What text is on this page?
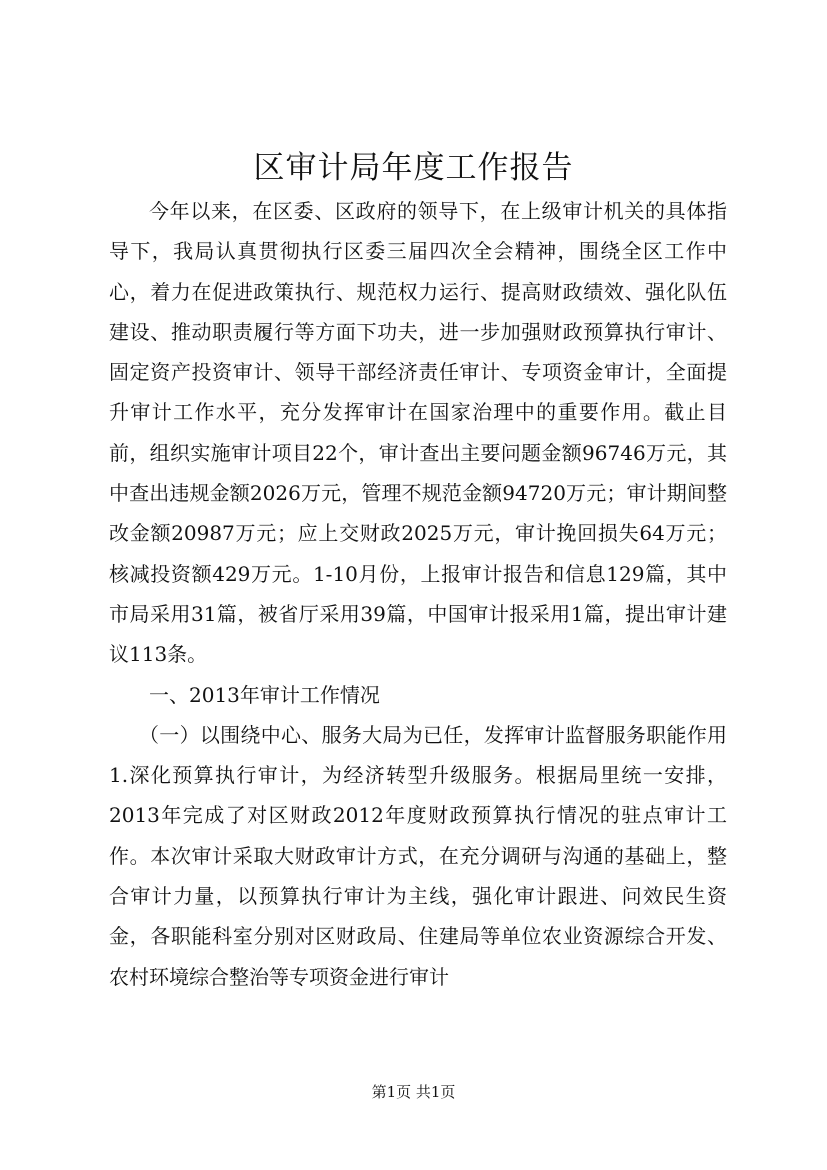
区审计局年度工作报告

今年以来，在区委、区政府的领导下，在上级审计机关的具体指导下，我局认真贯彻执行区委三届四次全会精神，围绕全区工作中心，着力在促进政策执行、规范权力运行、提高财政绩效、强化队伍建设、推动职责履行等方面下功夫，进一步加强财政预算执行审计、固定资产投资审计、领导干部经济责任审计、专项资金审计，全面提升审计工作水平，充分发挥审计在国家治理中的重要作用。截止目前，组织实施审计项目22个，审计查出主要问题金额96746万元，其中查出违规金额2026万元，管理不规范金额94720万元；审计期间整改金额20987万元；应上交财政2025万元，审计挽回损失64万元；核减投资额429万元。1-10月份，上报审计报告和信息129篇，其中市局采用31篇，被省厅采用39篇，中国审计报采用1篇，提出审计建议113条。

一、2013年审计工作情况

（一）以围绕中心、服务大局为已任，发挥审计监督服务职能作用1.深化预算执行审计，为经济转型升级服务。根据局里统一安排，2013年完成了对区财政2012年度财政预算执行情况的驻点审计工作。本次审计采取大财政审计方式，在充分调研与沟通的基础上，整合审计力量，以预算执行审计为主线，强化审计跟进、问效民生资金，各职能科室分别对区财政局、住建局等单位农业资源综合开发、农村环境综合整治等专项资金进行审计

第1页 共1页
